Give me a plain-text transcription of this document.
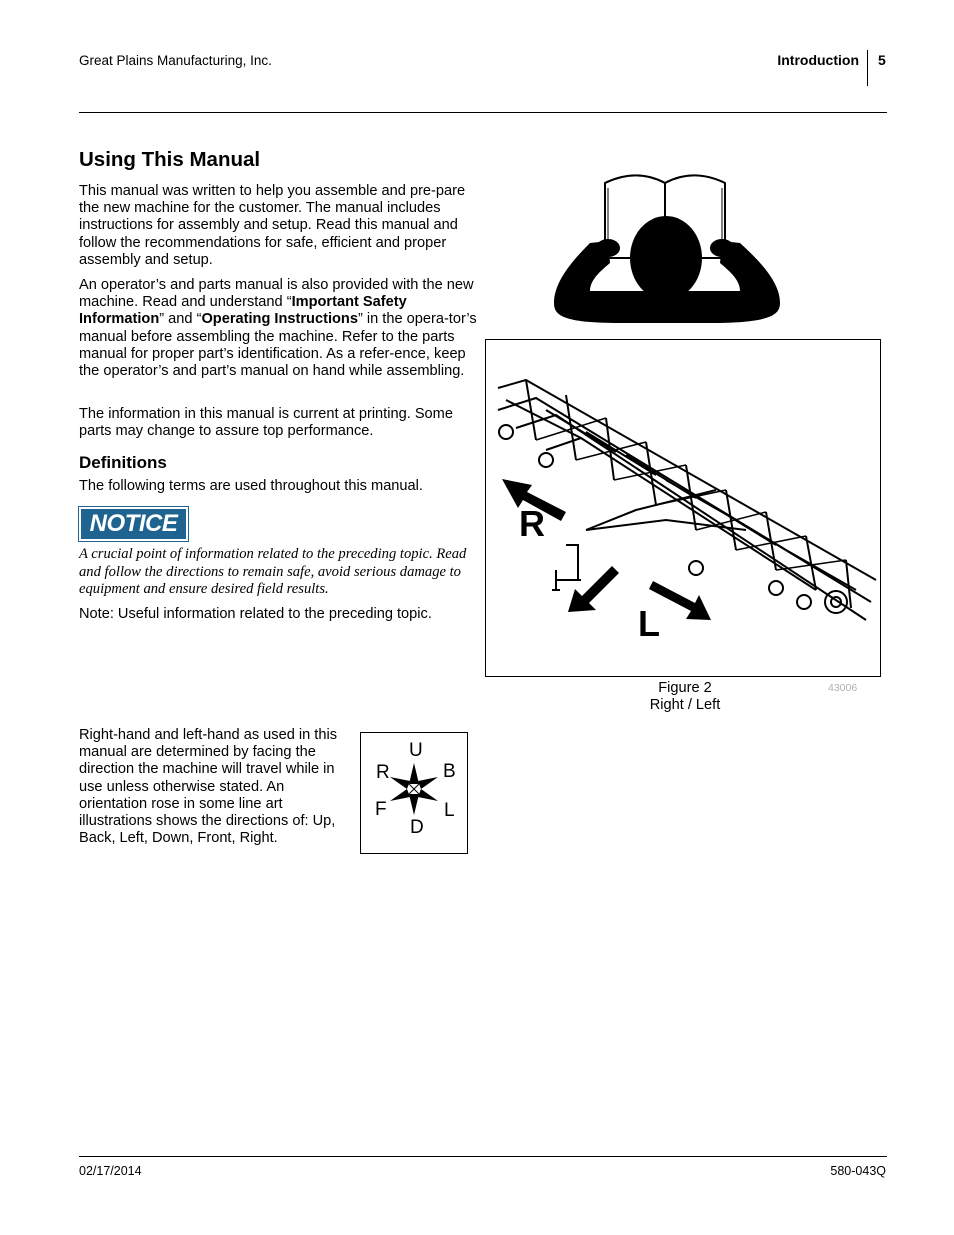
Great Plains Manufacturing, Inc.	Introduction 5
Using This Manual

This manual was written to help you assemble and pre-pare the new machine for the customer. The manual includes instructions for assembly and setup. Read this manual and follow the recommendations for safe, efficient and proper assembly and setup.

An operator’s and parts manual is also provided with the new machine. Read and understand “Important Safety Information” and “Operating Instructions” in the opera-tor’s manual before assembling the machine. Refer to the parts manual for proper part’s identification. As a refer-ence, keep the operator’s and part’s manual on hand while assembling.

The information in this manual is current at printing. Some parts may change to assure top performance.

Definitions
The following terms are used throughout this manual.
NOTICE
A crucial point of information related to the preceding topic. Read and follow the directions to remain safe, avoid serious damage to equipment and ensure desired field results.
Note: Useful information related to the preceding topic.
Right-hand and left-hand as used in this manual are determined by facing the direction the machine will travel while in use unless otherwise stated. An orientation rose in some line art illustrations shows the directions of: Up, Back, Left, Down, Front, Right.
R
L
Figure 2
Right / Left
43006
U
R	B
F	L
D
02/17/2014	580-043Q
